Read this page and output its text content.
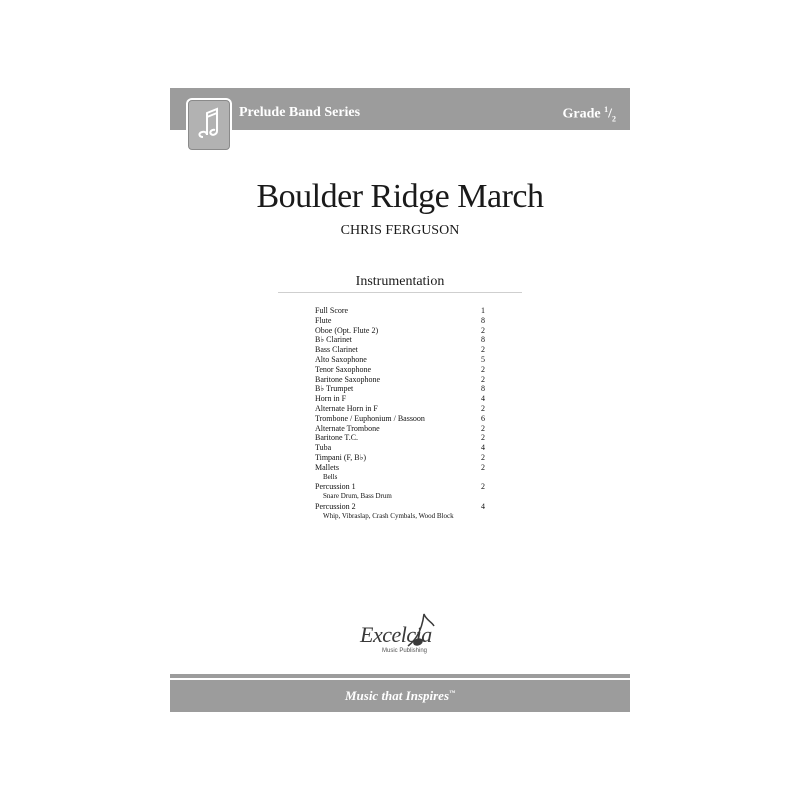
Prelude Band Series	Grade $^1/_2$
Boulder Ridge March
CHRIS FERGUSON
Instrumentation
Full Score	1
Flute	8
Oboe (Opt. Flute 2)	2
B♭ Clarinet	8
Bass Clarinet	2
Alto Saxophone	5
Tenor Saxophone	2
Baritone Saxophone	2
B♭ Trumpet	8
Horn in F	4
Alternate Horn in F	2
Trombone / Euphonium / Bassoon	6
Alternate Trombone	2
Baritone T.C.	2
Tuba	4
Timpani (F, B♭)	2
Mallets	2
Bells
Percussion 1	2
Snare Drum, Bass Drum
Percussion 2	4
Whip, Vibraslap, Crash Cymbals, Wood Block
Excelcia
Music Publishing
Music that Inspires™
